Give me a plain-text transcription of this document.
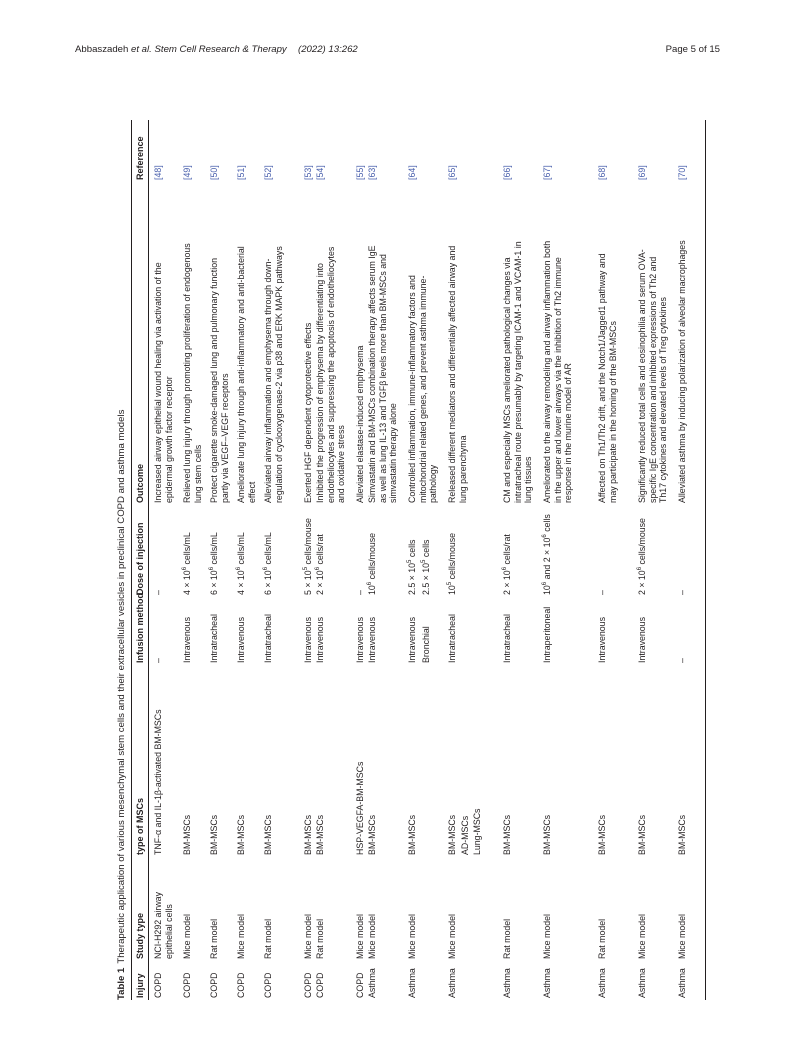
Abbaszadeh et al. Stem Cell Research & Therapy (2022) 13:262	Page 5 of 15
Table 1Therapeutic application of various mesenchymal stem cells and their extracellular vesicles in preclinical COPD and asthma models
Injury
Study type
type of MSCs
Infusion method
Dose of injection
Outcome
Reference
COPD
NCI-H292 airway epithelial cells
TNF-α and IL-1β-activated BM-MSCs
–
–
Increased airway epithelial wound healing via activation of the epidermal growth factor receptor
[48]
COPD
Mice model
BM-MSCs
Intravenous
$4 \times 10^6$ cells/mL
Relieved lung injury through promoting proliferation of endogenous lung stem cells
[49]
COPD
Rat model
BM-MSCs
Intratracheal
$6 \times 10^6$ cells/mL
Protect cigarette smoke-damaged lung and pulmonary function partly via VEGF–VEGF receptors
[50]
COPD
Mice model
BM-MSCs
Intravenous
$4 \times 10^6$ cells/mL
Ameliorate lung injury through anti-inflammatory and anti-bacterial effect
[51]
COPD
Rat model
BM-MSCs
Intratracheal
$6 \times 10^6$ cells/mL
Alleviated airway inflammation and emphysema through down-regulation of cyclooxygenase-2 via p38 and ERK MAPK pathways
[52]
COPD
Mice model
BM-MSCs
Intravenous
$5 \times 10^5$ cells/mouse
Exerted HGF dependent cytoprotective effects
[53]
COPD
Rat model
BM-MSCs
Intravenous
$2 \times 10^6$ cells/rat
Inhibited the progression of emphysema by differentiating into endotheliocytes and suppressing the apoptosis of endotheliocytes and oxidative stress
[54]
COPD
Mice model
HSP-VEGFA-BM-MSCs
Intravenous
–
Alleviated elastase-induced emphysema
[55]
Asthma
Mice model
BM-MSCs
Intravenous
$10^6$ cells/mouse
Simvastatin and BM-MSCs combination therapy affects serum IgE as well as lung IL-13 and TGFβ levels more than BM-MSCs and simvastatin therapy alone
[63]
Asthma
Mice model
BM-MSCs
Intravenous Bronchial
$2.5 \times 10^5$ cells
$2.5 \times 10^5$ cells
Controlled inflammation, immune-inflammatory factors and mitochondrial related genes, and prevent asthma immune-pathology
[64]
Asthma
Mice model
BM-MSCs AD-MSCs Lung-MSCs
Intratracheal
$10^5$ cells/mouse
Released different mediators and differentially affected airway and lung parenchyma
[65]
Asthma
Rat model
BM-MSCs
Intratracheal
$2 \times 10^6$ cells/rat
CM and especially MSCs ameliorated pathological changes via intratracheal route presumably by targeting ICAM-1 and VCAM-1 in lung tissues
[66]
Asthma
Mice model
BM-MSCs
Intraperitoneal
$10^6$ and $2 \times 10^6$ cells
Ameliorated to the airway remodeling and airway inflammation both in the upper and lower airways via the inhibition of Th2 immune response in the murine model of AR
[67]
Asthma
Rat model
BM-MSCs
Intravenous
–
Affected on Th1/Th2 drift, and the Notch1/Jagged1 pathway and may participate in the homing of the BM-MSCs
[68]
Asthma
Mice model
BM-MSCs
Intravenous
$2 \times 10^6$ cells/mouse
Significantly reduced total cells and eosinophilia and serum OVA-specific IgE concentration and inhibited expressions of Th2 and Th17 cytokines and elevated levels of Treg cytokines
[69]
Asthma
Mice model
BM-MSCs
–
–
Alleviated asthma by inducing polarization of alveolar macrophages
[70]
